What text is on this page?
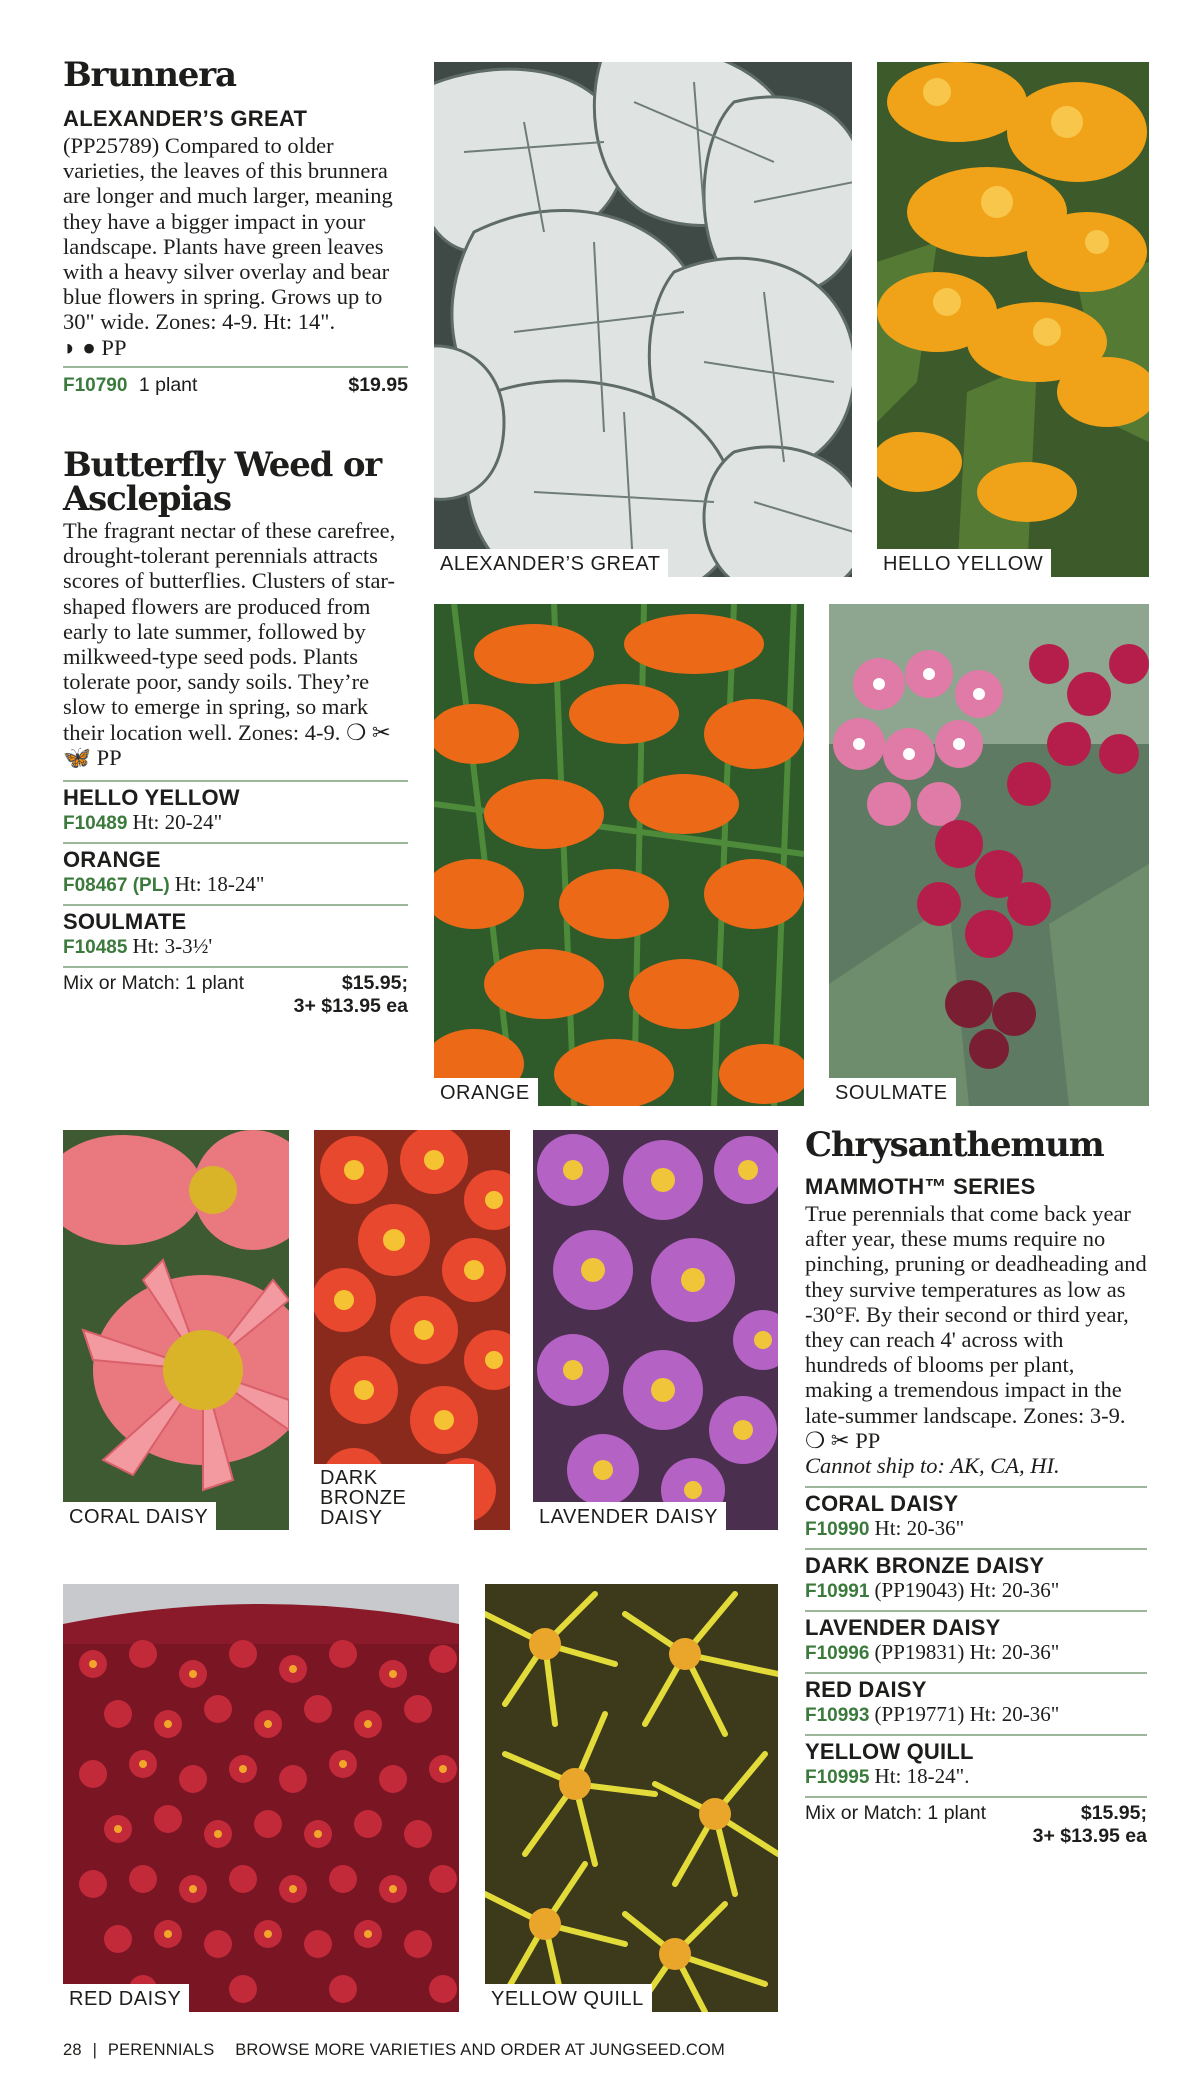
Brunnera
ALEXANDER’S GREAT

(PP25789) Compared to older varieties, the leaves of this brunnera are longer and much larger, meaning they have a bigger impact in your landscape. Plants have green leaves with a heavy silver overlay and bear blue flowers in spring. Grows up to 30" wide. Zones: 4-9. Ht: 14".

◗ ● PP

F10790 1 plant	$19.95
Butterfly Weed or Asclepias

The fragrant nectar of these carefree, drought-tolerant perennials attracts scores of butterflies. Clusters of star-shaped flowers are produced from early to late summer, followed by milkweed-type seed pods. Plants tolerate poor, sandy soils. They’re slow to emerge in spring, so mark their location well. Zones: 4-9. ❍ ✂ 🦋 PP

HELLO YELLOW
F10489 Ht: 20-24"
ORANGE
F08467 (PL) Ht: 18-24"
SOULMATE
F10485 Ht: 3-3½'
Mix or Match: 1 plant	$15.95;
3+ $13.95 ea
ALEXANDER’S GREAT	HELLO YELLOW
ORANGE	SOULMATE
CORAL DAISY
DARK BRONZE DAISY	LAVENDER DAISY
RED DAISY	YELLOW QUILL
Chrysanthemum
MAMMOTH™ SERIES

True perennials that come back year after year, these mums require no pinching, pruning or deadheading and they survive temperatures as low as -30°F. By their second or third year, they can reach 4' across with hundreds of blooms per plant, making a tremendous impact in the late-summer landscape. Zones: 3-9. ❍ ✂ PP

Cannot ship to: AK, CA, HI.

CORAL DAISY
F10990 Ht: 20-36"
DARK BRONZE DAISY
F10991 (PP19043) Ht: 20-36"
LAVENDER DAISY
F10996 (PP19831) Ht: 20-36"
RED DAISY
F10993 (PP19771) Ht: 20-36"
YELLOW QUILL
F10995 Ht: 18-24".
Mix or Match: 1 plant	$15.95;
3+ $13.95 ea
28 | PERENNIALS BROWSE MORE VARIETIES AND ORDER AT JUNGSEED.COM
